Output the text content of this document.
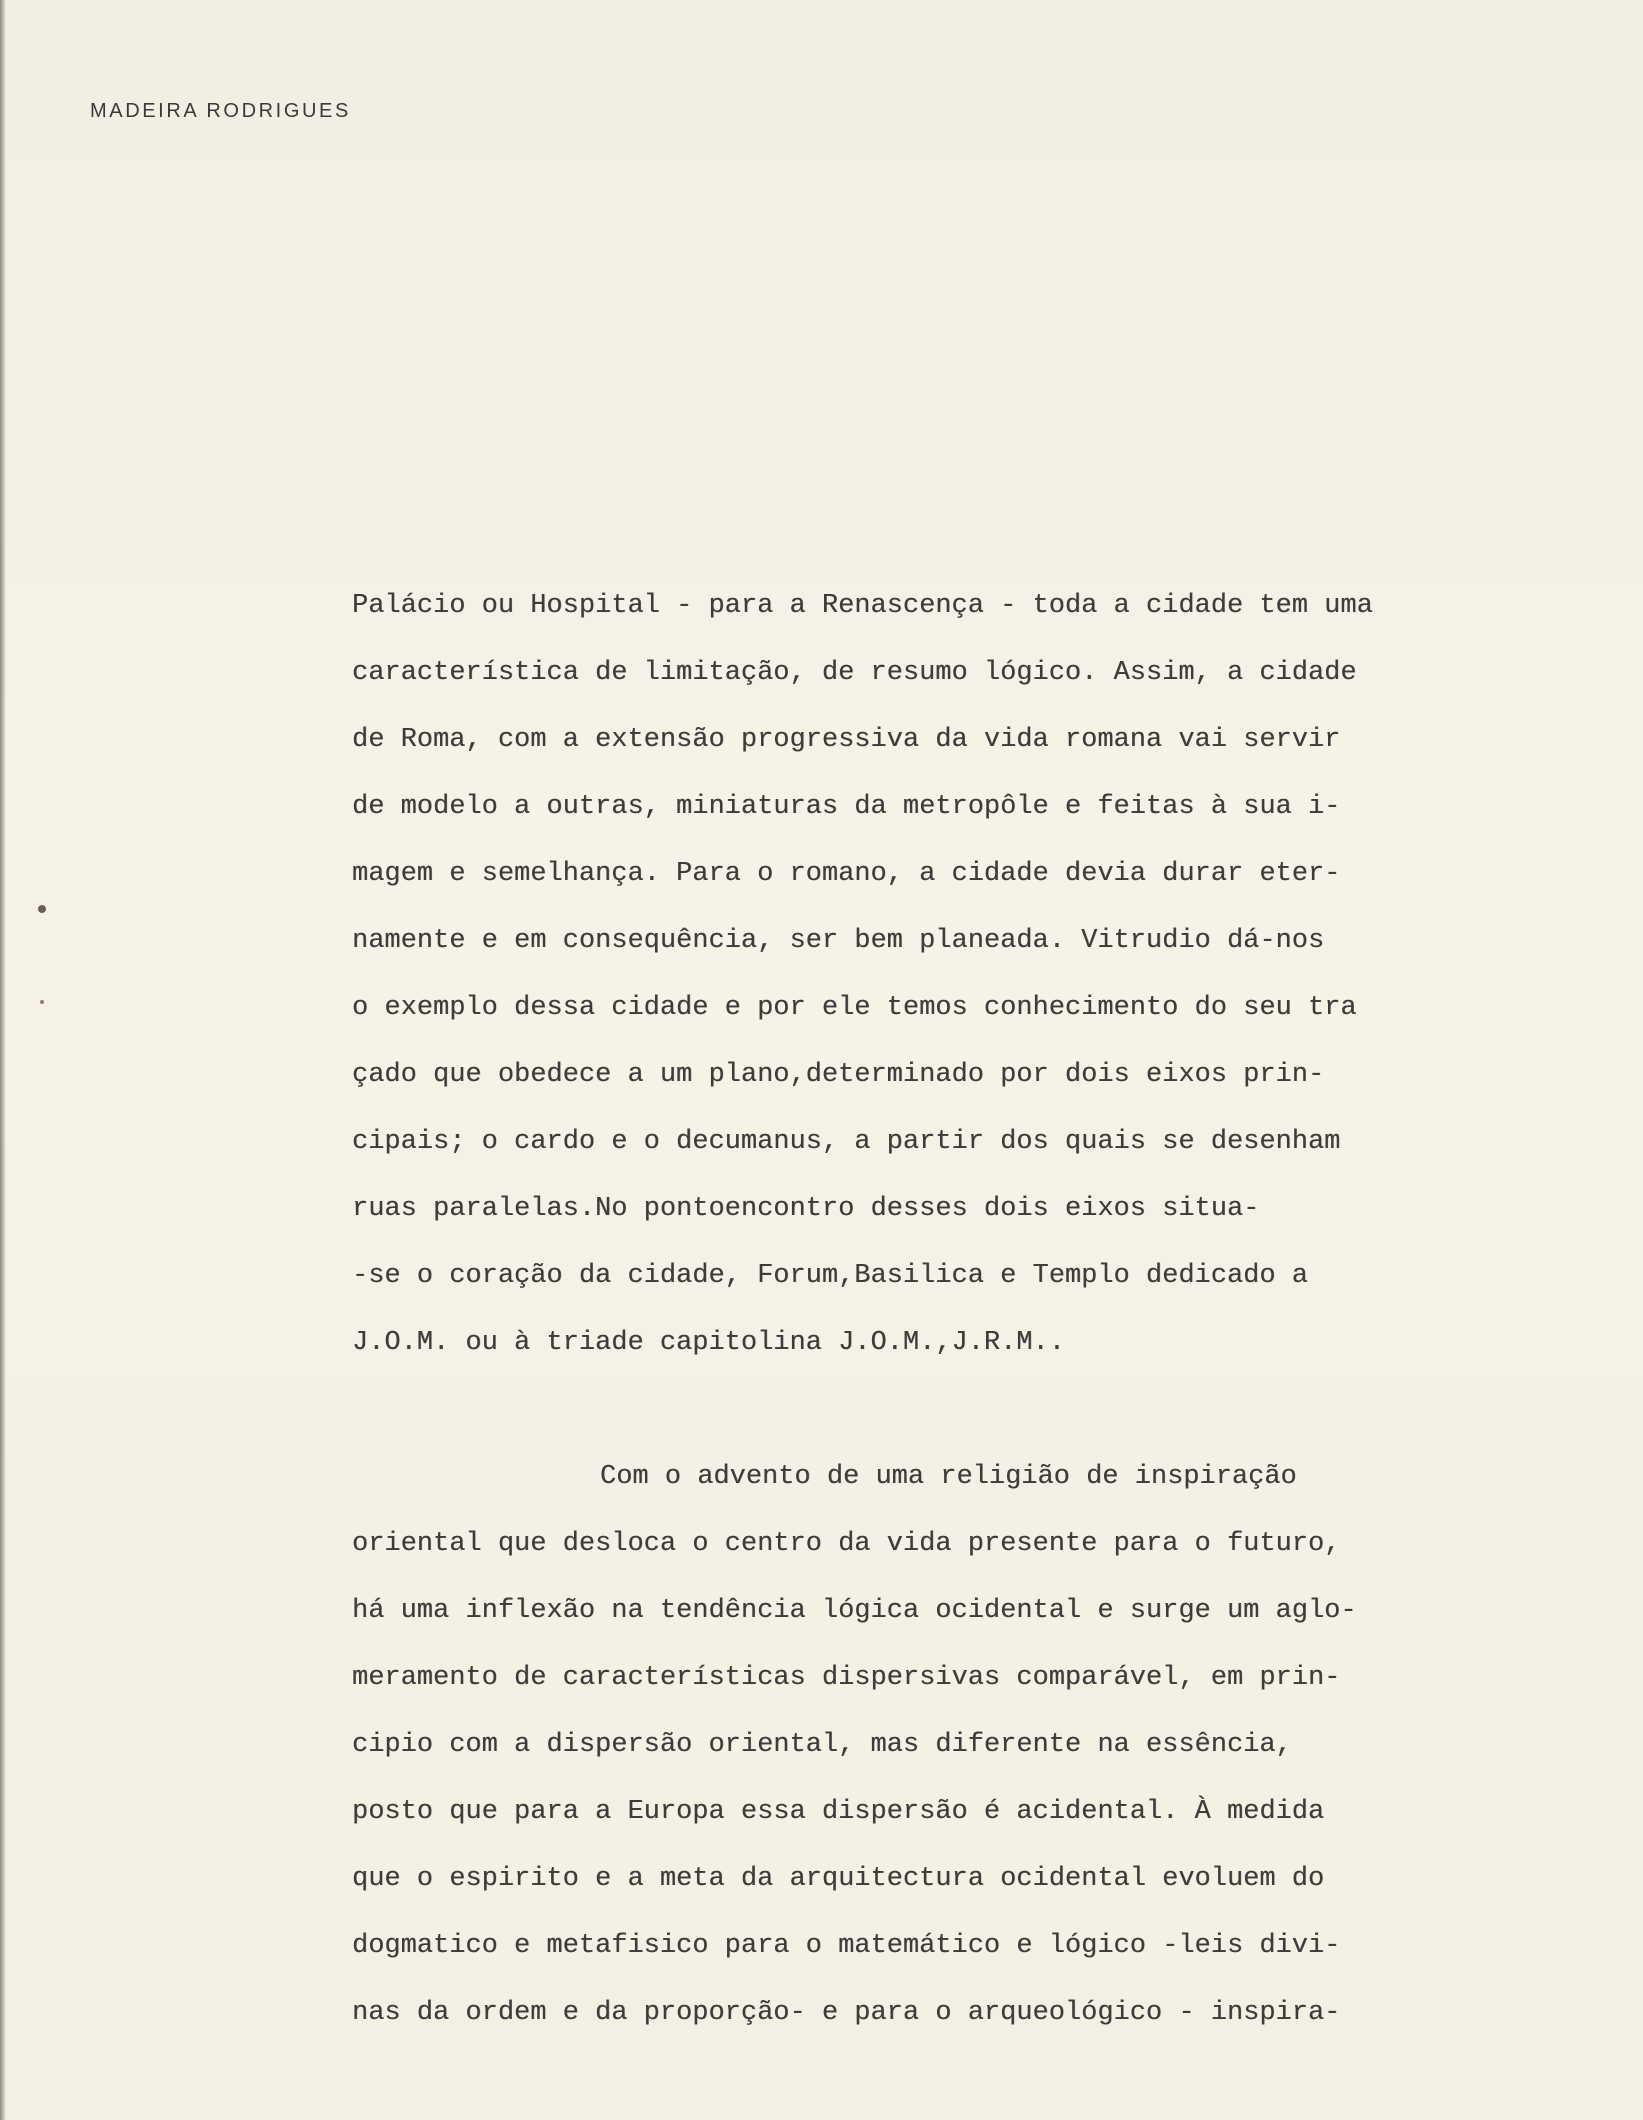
MADEIRA RODRIGUES
Palácio ou Hospital - para a Renascença - toda a cidade tem uma
característica de limitação, de resumo lógico. Assim, a cidade
de Roma, com a extensão progressiva da vida romana vai servir
de modelo a outras, miniaturas da metropôle e feitas à sua i-
magem e semelhança. Para o romano, a cidade devia durar eter-
namente e em consequência, ser bem planeada. Vitrudio dá-nos
o exemplo dessa cidade e por ele temos conhecimento do seu tra
çado que obedece a um plano,determinado por dois eixos prin-
cipais; o cardo e o decumanus, a partir dos quais se desenham
ruas paralelas.No pontoencontro desses dois eixos situa-
-se o coração da cidade, Forum,Basilica e Templo dedicado a
J.O.M. ou à triade capitolina J.O.M.,J.R.M..
Com o advento de uma religião de inspiração
oriental que desloca o centro da vida presente para o futuro,
há uma inflexão na tendência lógica ocidental e surge um aglo-
meramento de características dispersivas comparável, em prin-
cipio com a dispersão oriental, mas diferente na essência,
posto que para a Europa essa dispersão é acidental. À medida
que o espirito e a meta da arquitectura ocidental evoluem do
dogmatico e metafisico para o matemático e lógico -leis divi-
nas da ordem e da proporção- e para o arqueológico - inspira-
